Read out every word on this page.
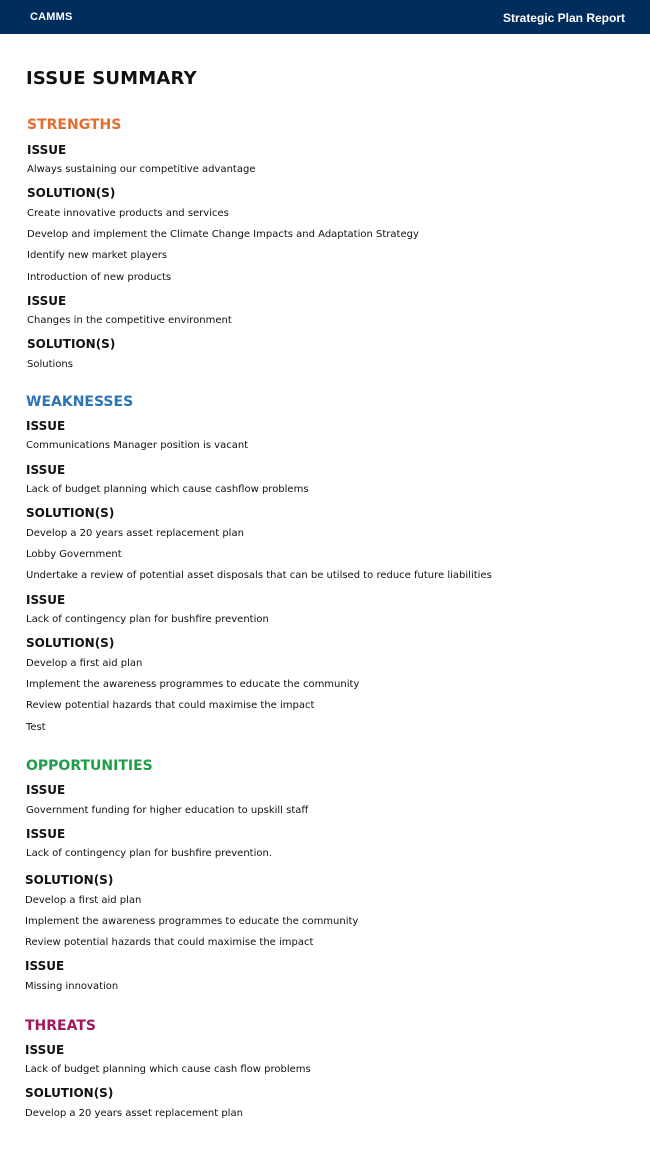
CAMMS	Strategic Plan Report
ISSUE SUMMARY
STRENGTHS
ISSUE
Always sustaining our competitive advantage
SOLUTION(S)
Create innovative products and services
Develop and implement the Climate Change Impacts and Adaptation Strategy
Identify new market players
Introduction of new products
ISSUE
Changes in the competitive environment
SOLUTION(S)
Solutions
WEAKNESSES
ISSUE
Communications Manager position is vacant
ISSUE
Lack of budget planning which cause cashflow problems
SOLUTION(S)
Develop a 20 years asset replacement plan
Lobby Government
Undertake a review of potential asset disposals that can be utilsed to reduce future liabilities
ISSUE
Lack of contingency plan for bushfire prevention
SOLUTION(S)
Develop a first aid plan
Implement the awareness programmes to educate the community
Review potential hazards that could maximise the impact
Test
OPPORTUNITIES
ISSUE
Government funding for higher education to upskill staff
ISSUE
Lack of contingency plan for bushfire prevention.
SOLUTION(S)
Develop a first aid plan
Implement the awareness programmes to educate the community
Review potential hazards that could maximise the impact
ISSUE
Missing innovation
THREATS
ISSUE
Lack of budget planning which cause cash flow problems
SOLUTION(S)
Develop a 20 years asset replacement plan
